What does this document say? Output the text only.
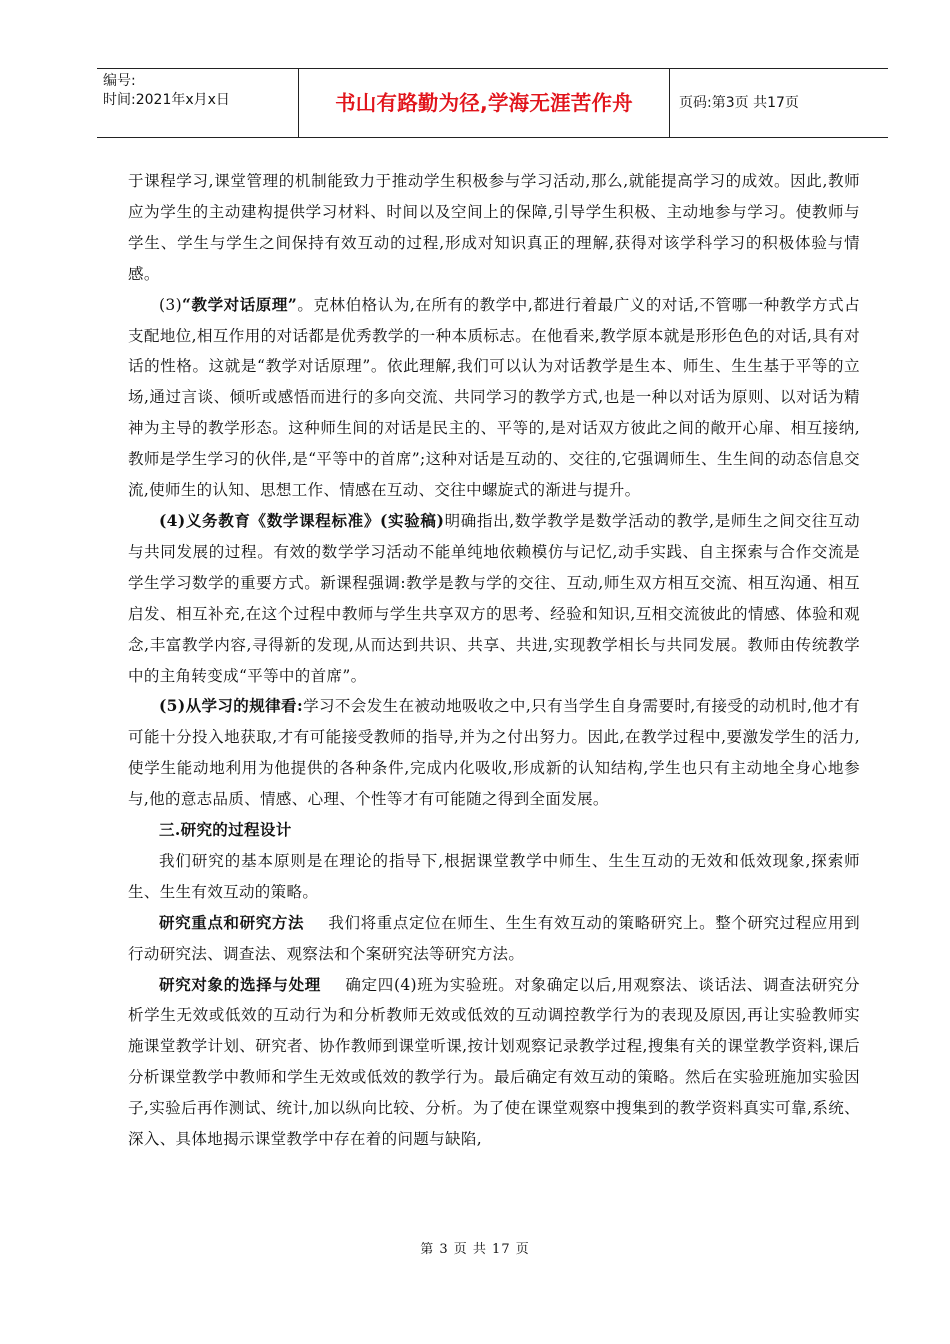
编号:
时间:2021年x月x日	书山有路勤为径,学海无涯苦作舟	页码:第3页 共17页

于课程学习,课堂管理的机制能致力于推动学生积极参与学习活动,那么,就能提高学习的成效。因此,教师应为学生的主动建构提供学习材料、时间以及空间上的保障,引导学生积极、主动地参与学习。使教师与学生、学生与学生之间保持有效互动的过程,形成对知识真正的理解,获得对该学科学习的积极体验与情感。

(3)“教学对话原理”。克林伯格认为,在所有的教学中,都进行着最广义的对话,不管哪一种教学方式占支配地位,相互作用的对话都是优秀教学的一种本质标志。在他看来,教学原本就是形形色色的对话,具有对话的性格。这就是“教学对话原理”。依此理解,我们可以认为对话教学是生本、师生、生生基于平等的立场,通过言谈、倾听或感悟而进行的多向交流、共同学习的教学方式,也是一种以对话为原则、以对话为精神为主导的教学形态。这种师生间的对话是民主的、平等的,是对话双方彼此之间的敞开心扉、相互接纳,教师是学生学习的伙伴,是“平等中的首席”;这种对话是互动的、交往的,它强调师生、生生间的动态信息交流,使师生的认知、思想工作、情感在互动、交往中螺旋式的渐进与提升。

(4)义务教育《数学课程标准》(实验稿)明确指出,数学教学是数学活动的教学,是师生之间交往互动与共同发展的过程。有效的数学学习活动不能单纯地依赖模仿与记忆,动手实践、自主探索与合作交流是学生学习数学的重要方式。新课程强调:教学是教与学的交往、互动,师生双方相互交流、相互沟通、相互启发、相互补充,在这个过程中教师与学生共享双方的思考、经验和知识,互相交流彼此的情感、体验和观念,丰富教学内容,寻得新的发现,从而达到共识、共享、共进,实现教学相长与共同发展。教师由传统教学中的主角转变成“平等中的首席”。

(5)从学习的规律看:学习不会发生在被动地吸收之中,只有当学生自身需要时,有接受的动机时,他才有可能十分投入地获取,才有可能接受教师的指导,并为之付出努力。因此,在教学过程中,要激发学生的活力,使学生能动地利用为他提供的各种条件,完成内化吸收,形成新的认知结构,学生也只有主动地全身心地参与,他的意志品质、情感、心理、个性等才有可能随之得到全面发展。

三.研究的过程设计

我们研究的基本原则是在理论的指导下,根据课堂教学中师生、生生互动的无效和低效现象,探索师生、生生有效互动的策略。

研究重点和研究方法 我们将重点定位在师生、生生有效互动的策略研究上。整个研究过程应用到行动研究法、调查法、观察法和个案研究法等研究方法。

研究对象的选择与处理 确定四(4)班为实验班。对象确定以后,用观察法、谈话法、调查法研究分析学生无效或低效的互动行为和分析教师无效或低效的互动调控教学行为的表现及原因,再让实验教师实施课堂教学计划、研究者、协作教师到课堂听课,按计划观察记录教学过程,搜集有关的课堂教学资料,课后分析课堂教学中教师和学生无效或低效的教学行为。最后确定有效互动的策略。然后在实验班施加实验因子,实验后再作测试、统计,加以纵向比较、分析。为了使在课堂观察中搜集到的教学资料真实可靠,系统、深入、具体地揭示课堂教学中存在着的问题与缺陷,

第 3 页 共 17 页
